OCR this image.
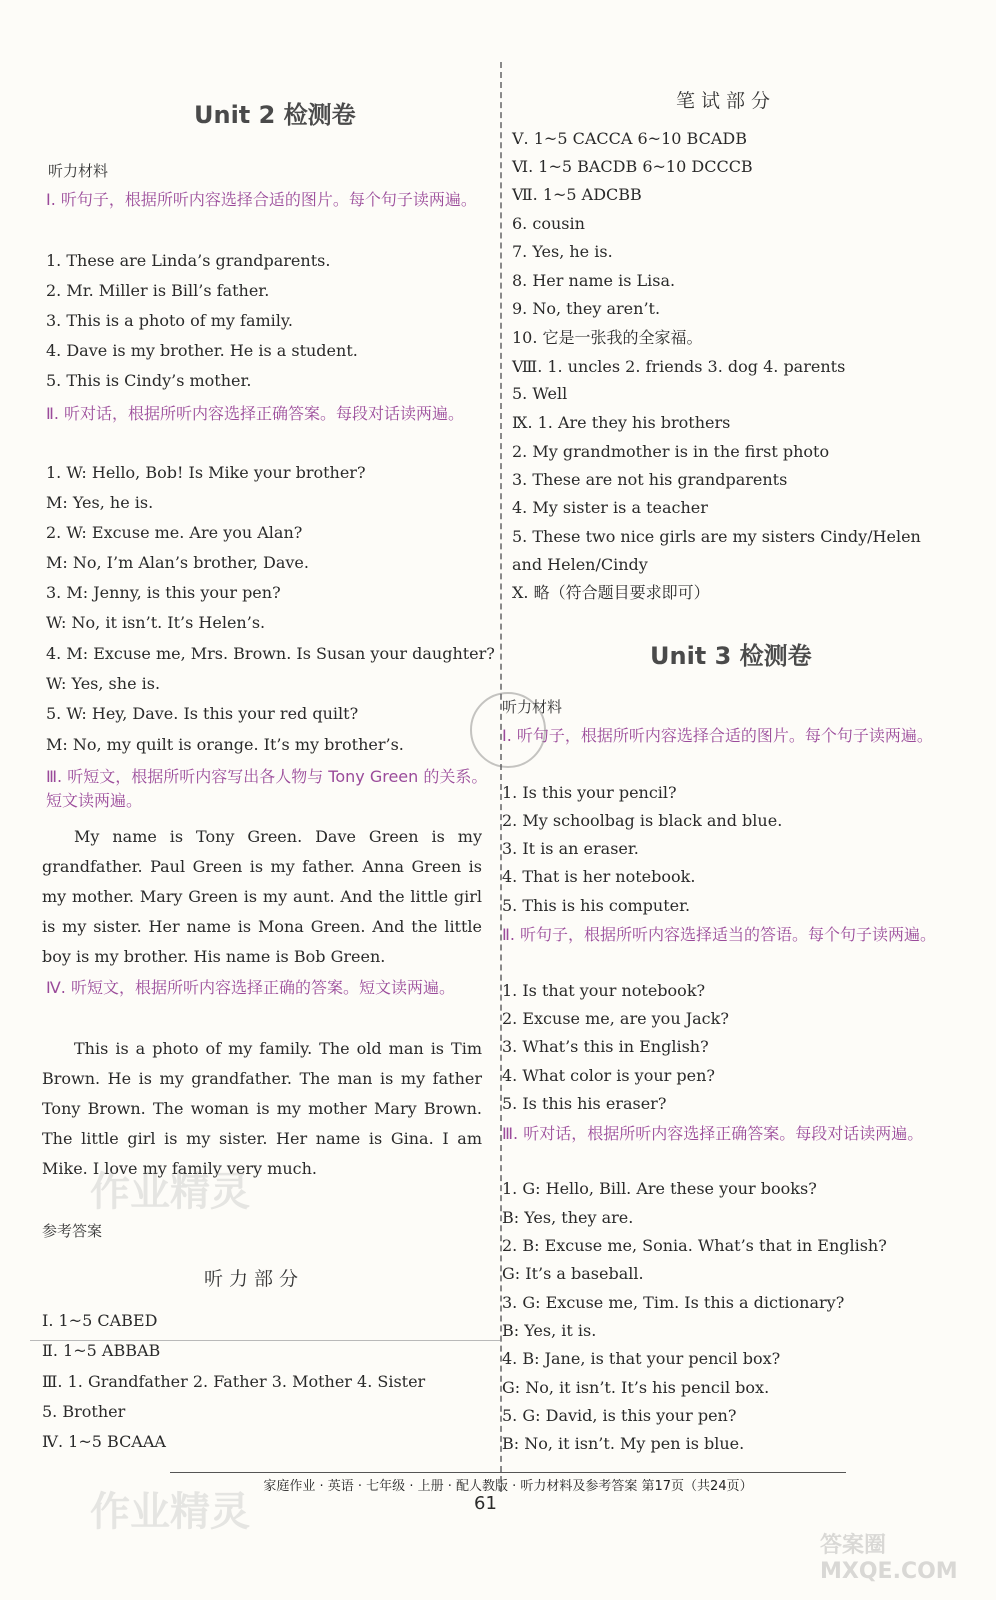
Unit 2 检测卷
听力材料
Ⅰ. 听句子，根据所听内容选择合适的图片。每个句子读两遍。
1. These are Linda’s grandparents.
2. Mr. Miller is Bill’s father.
3. This is a photo of my family.
4. Dave is my brother. He is a student.
5. This is Cindy’s mother.
Ⅱ. 听对话，根据所听内容选择正确答案。每段对话读两遍。
1. W: Hello, Bob! Is Mike your brother?
M: Yes, he is.
2. W: Excuse me. Are you Alan?
M: No, I’m Alan’s brother, Dave.
3. M: Jenny, is this your pen?
W: No, it isn’t. It’s Helen’s.
4. M: Excuse me, Mrs. Brown. Is Susan your daughter?
W: Yes, she is.
5. W: Hey, Dave. Is this your red quilt?
M: No, my quilt is orange. It’s my brother’s.
Ⅲ. 听短文，根据所听内容写出各人物与 Tony Green 的关系。短文读两遍。
My name is Tony Green. Dave Green is my grandfather. Paul Green is my father. Anna Green is my mother. Mary Green is my aunt. And the little girl is my sister. Her name is Mona Green. And the little boy is my brother. His name is Bob Green.
Ⅳ. 听短文，根据所听内容选择正确的答案。短文读两遍。
This is a photo of my family. The old man is Tim Brown. He is my grandfather. The man is my father Tony Brown. The woman is my mother Mary Brown. The little girl is my sister. Her name is Gina. I am Mike. I love my family very much.
参考答案
听力部分
Ⅰ. 1~5 CABED
Ⅱ. 1~5 ABBAB
Ⅲ. 1. Grandfather 2. Father 3. Mother 4. Sister
5. Brother
Ⅳ. 1~5 BCAAA
笔试部分
Ⅴ. 1~5 CACCA 6~10 BCADB
Ⅵ. 1~5 BACDB 6~10 DCCCB
Ⅶ. 1~5 ADCBB
6. cousin
7. Yes, he is.
8. Her name is Lisa.
9. No, they aren’t.
10. 它是一张我的全家福。
Ⅷ. 1. uncles 2. friends 3. dog 4. parents
5. Well
Ⅸ. 1. Are they his brothers
2. My grandmother is in the first photo
3. These are not his grandparents
4. My sister is a teacher
5. These two nice girls are my sisters Cindy/Helen
and Helen/Cindy
Ⅹ. 略（符合题目要求即可）
Unit 3 检测卷
听力材料
Ⅰ. 听句子，根据所听内容选择合适的图片。每个句子读两遍。
1. Is this your pencil?
2. My schoolbag is black and blue.
3. It is an eraser.
4. That is her notebook.
5. This is his computer.
Ⅱ. 听句子，根据所听内容选择适当的答语。每个句子读两遍。
1. Is that your notebook?
2. Excuse me, are you Jack?
3. What’s this in English?
4. What color is your pen?
5. Is this his eraser?
Ⅲ. 听对话，根据所听内容选择正确答案。每段对话读两遍。
1. G: Hello, Bill. Are these your books?
B: Yes, they are.
2. B: Excuse me, Sonia. What’s that in English?
G: It’s a baseball.
3. G: Excuse me, Tim. Is this a dictionary?
B: Yes, it is.
4. B: Jane, is that your pencil box?
G: No, it isn’t. It’s his pencil box.
5. G: David, is this your pen?
B: No, it isn’t. My pen is blue.
作业精灵
作业精灵
家庭作业 · 英语 · 七年级 · 上册 · 配人教版 · 听力材料及参考答案 第17页（共24页）
61
答案圈 MXQE.COM
